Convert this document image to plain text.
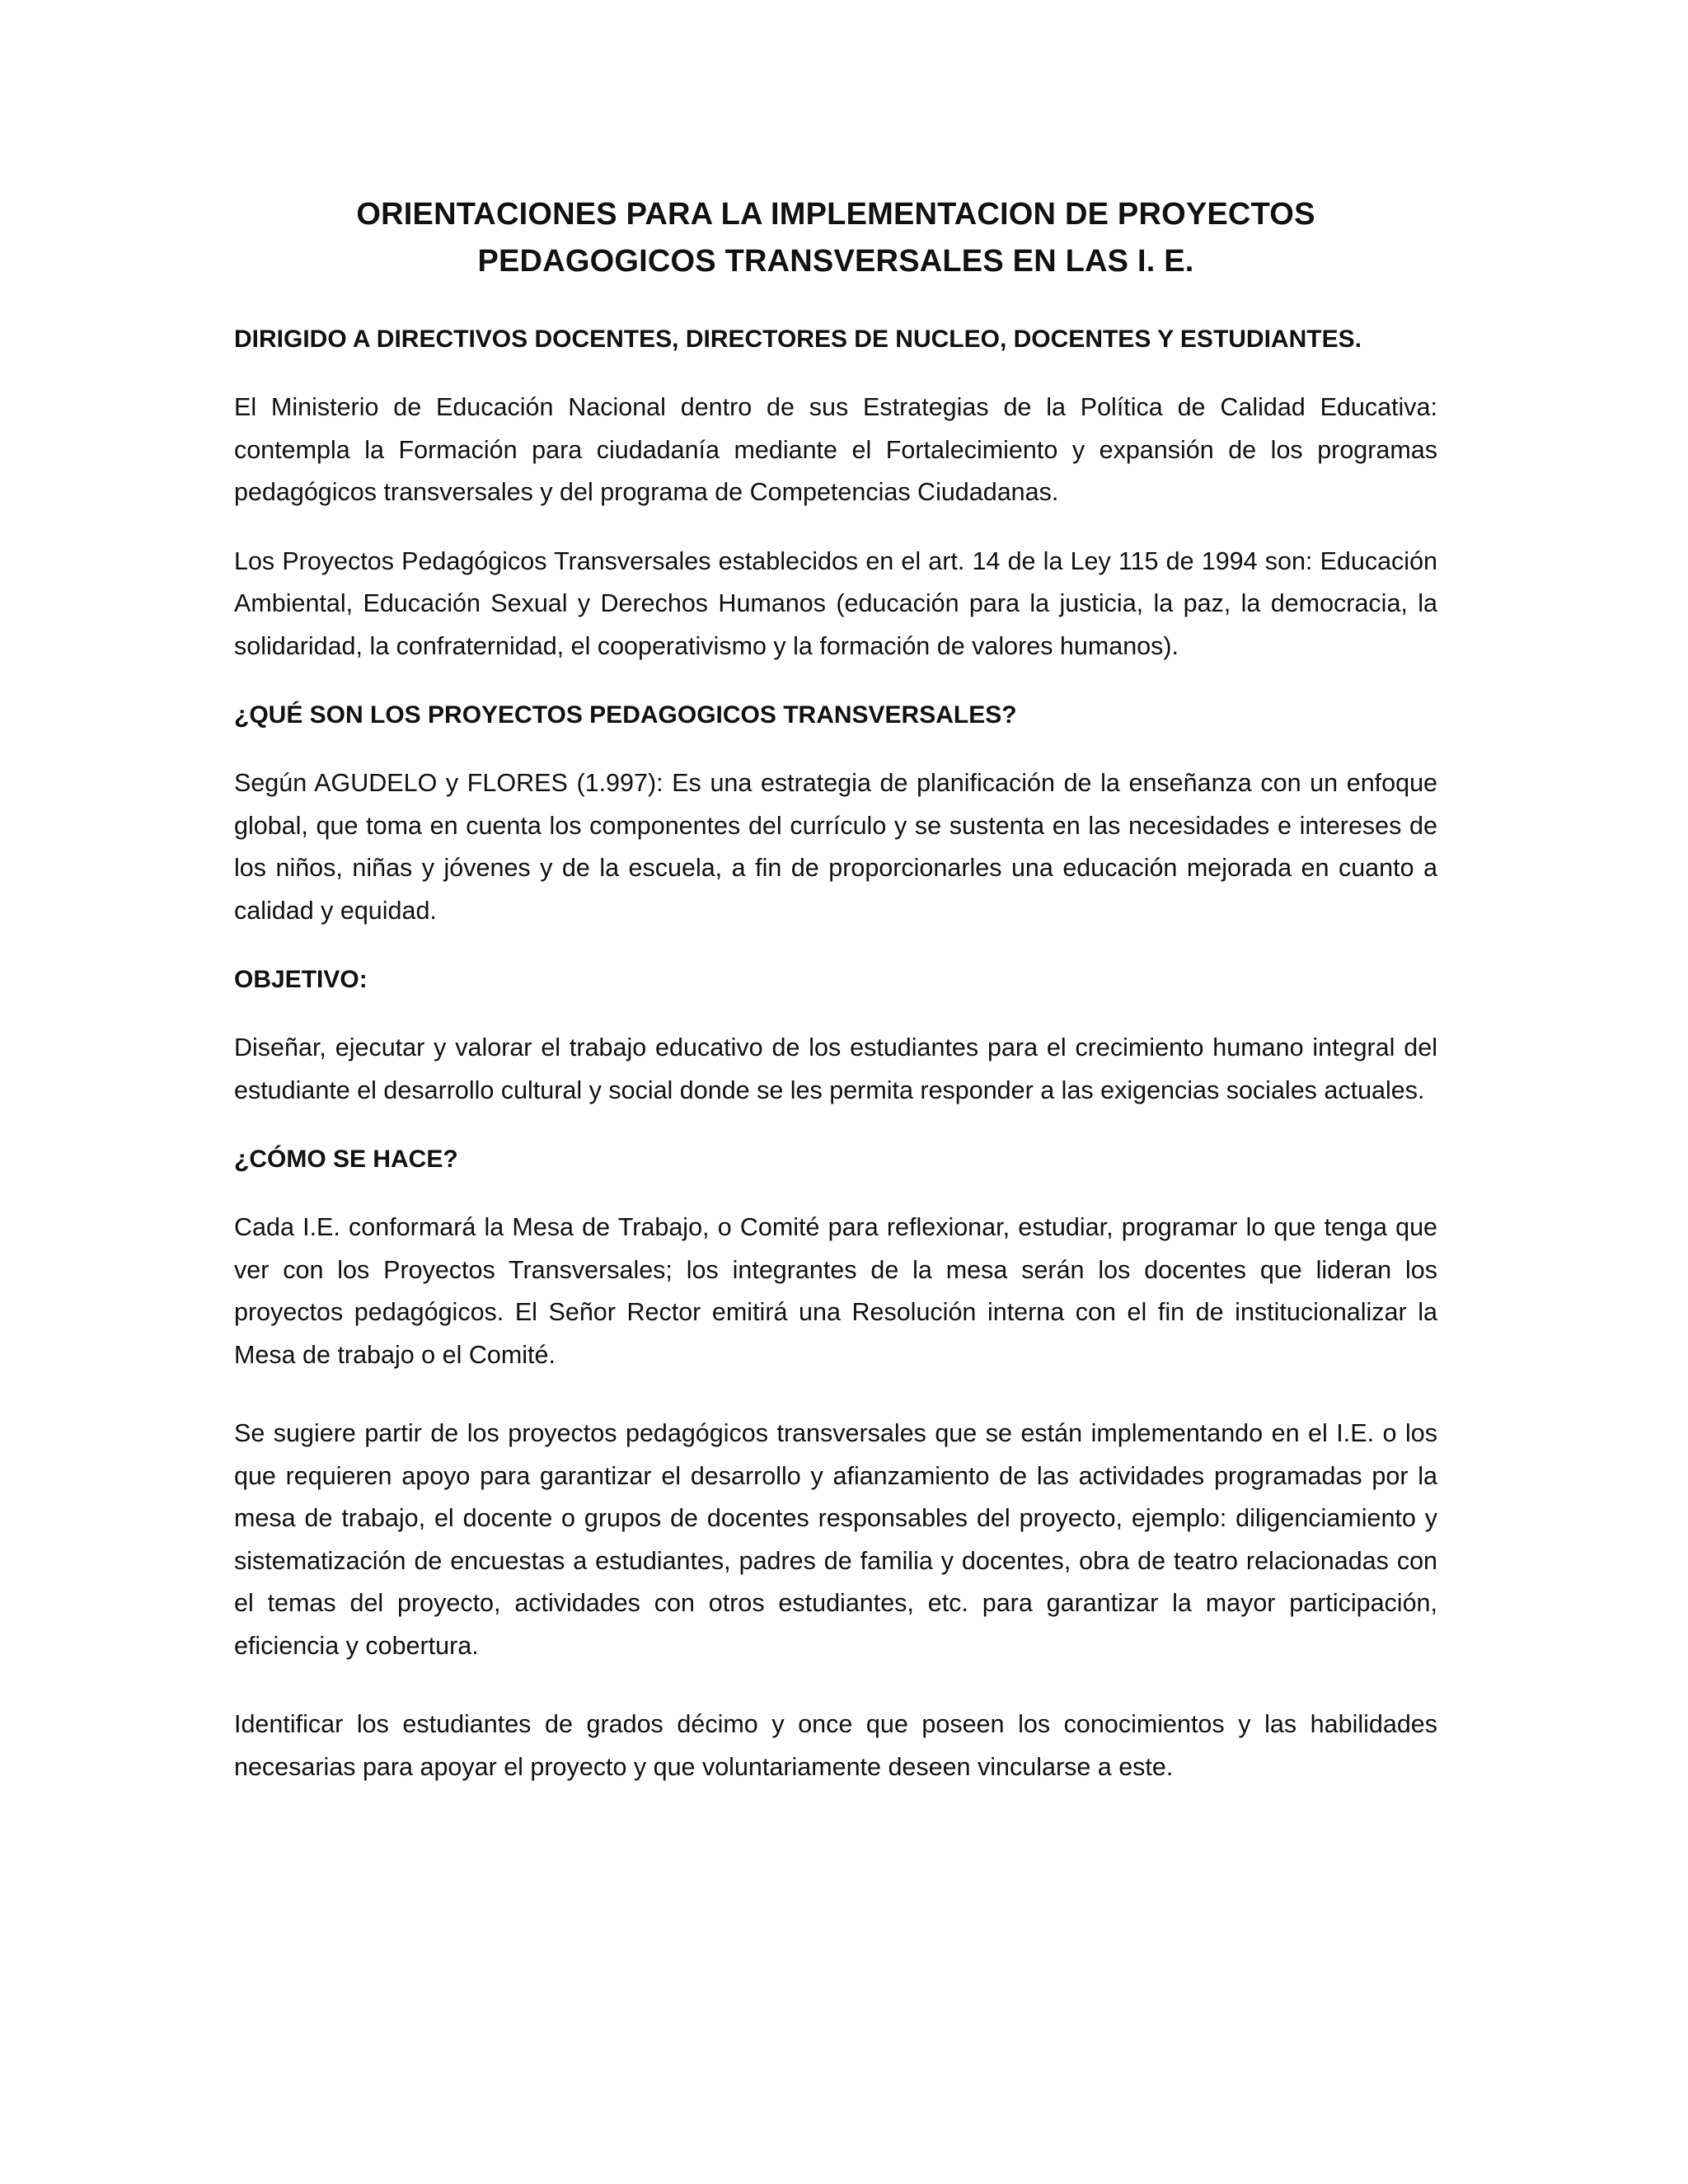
ORIENTACIONES PARA LA IMPLEMENTACION DE PROYECTOS
PEDAGOGICOS TRANSVERSALES EN LAS I. E.
DIRIGIDO A DIRECTIVOS DOCENTES, DIRECTORES DE NUCLEO, DOCENTES Y ESTUDIANTES.

El Ministerio de Educación Nacional dentro de sus Estrategias de la Política de Calidad Educativa: contempla la Formación para ciudadanía mediante el Fortalecimiento y expansión de los programas pedagógicos transversales y del programa de Competencias Ciudadanas.

Los Proyectos Pedagógicos Transversales establecidos en el art. 14 de la Ley 115 de 1994 son: Educación Ambiental, Educación Sexual y Derechos Humanos (educación para la justicia, la paz, la democracia, la solidaridad, la confraternidad, el cooperativismo y la formación de valores humanos).

¿QUÉ SON LOS PROYECTOS PEDAGOGICOS TRANSVERSALES?

Según AGUDELO y FLORES (1.997): Es una estrategia de planificación de la enseñanza con un enfoque global, que toma en cuenta los componentes del currículo y se sustenta en las necesidades e intereses de los niños, niñas y jóvenes y de la escuela, a fin de proporcionarles una educación mejorada en cuanto a calidad y equidad.

OBJETIVO:

Diseñar, ejecutar y valorar el trabajo educativo de los estudiantes para el crecimiento humano integral del estudiante el desarrollo cultural y social donde se les permita responder a las exigencias sociales actuales.

¿CÓMO SE HACE?

Cada I.E. conformará la Mesa de Trabajo, o Comité para reflexionar, estudiar, programar lo que tenga que ver con los Proyectos Transversales; los integrantes de la mesa serán los docentes que lideran los proyectos pedagógicos. El Señor Rector emitirá una Resolución interna con el fin de institucionalizar la Mesa de trabajo o el Comité.

Se sugiere partir de los proyectos pedagógicos transversales que se están implementando en el I.E. o los que requieren apoyo para garantizar el desarrollo y afianzamiento de las actividades programadas por la mesa de trabajo, el docente o grupos de docentes responsables del proyecto, ejemplo: diligenciamiento y sistematización de encuestas a estudiantes, padres de familia y docentes, obra de teatro relacionadas con el temas del proyecto, actividades con otros estudiantes, etc. para garantizar la mayor participación, eficiencia y cobertura.

Identificar los estudiantes de grados décimo y once que poseen los conocimientos y las habilidades necesarias para apoyar el proyecto y que voluntariamente deseen vincularse a este.
